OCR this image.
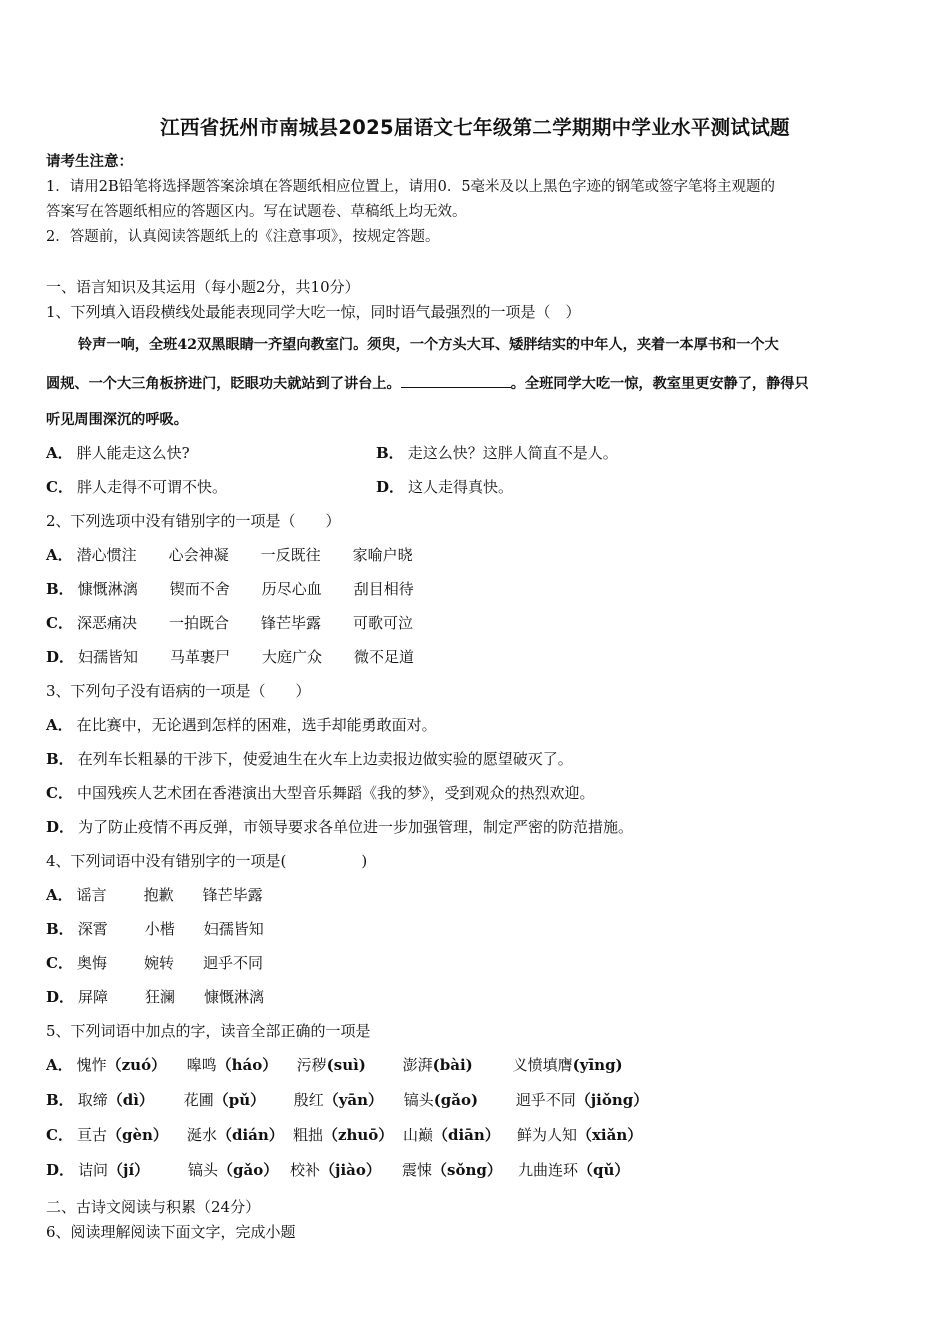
江西省抚州市南城县2025届语文七年级第二学期期中学业水平测试试题
请考生注意：
1．请用2B铅笔将选择题答案涂填在答题纸相应位置上，请用0．5毫米及以上黑色字迹的钢笔或签字笔将主观题的
答案写在答题纸相应的答题区内。写在试题卷、草稿纸上均无效。
2．答题前，认真阅读答题纸上的《注意事项》，按规定答题。
一、语言知识及其运用（每小题2分，共10分）
1、下列填入语段横线处最能表现同学大吃一惊，同时语气最强烈的一项是（　）
铃声一响，全班42双黑眼睛一齐望向教室门。须臾，一个方头大耳、矮胖结实的中年人，夹着一本厚书和一个大
圆规、一个大三角板挤进门，眨眼功夫就站到了讲台上。	。全班同学大吃一惊，教室里更安静了，静得只
听见周围深沉的呼吸。
A． 胖人能走这么快?	B． 走这么快？这胖人简直不是人。
C． 胖人走得不可谓不快。	D． 这人走得真快。
2、下列选项中没有错别字的一项是（　　）
A． 潜心惯注 心会神凝 一反既往 家喻户晓
B． 慷慨淋漓 锲而不舍 历尽心血 刮目相待
C． 深恶痛决 一拍既合 锋芒毕露 可歌可泣
D． 妇孺皆知 马革裹尸 大庭广众 微不足道
3、下列句子没有语病的一项是（　　）
A． 在比赛中，无论遇到怎样的困难，选手却能勇敢面对。
B． 在列车长粗暴的干涉下，使爱迪生在火车上边卖报边做实验的愿望破灭了。
C． 中国残疾人艺术团在香港演出大型音乐舞蹈《我的梦》，受到观众的热烈欢迎。
D． 为了防止疫情不再反弹，市领导要求各单位进一步加强管理，制定严密的防范措施。
4、下列词语中没有错别字的一项是(　　　　　)
A． 谣言 抱歉 锋芒毕露
B． 深霄 小楷 妇孺皆知
C． 奥悔 婉转 迥乎不同
D． 屏障 狂澜 慷慨淋漓
5、下列词语中加点的字，读音全部正确的一项是
A． 愧怍（zuó） 嗥鸣（háo） 污秽(suì) 澎湃(bài)	义愤填膺(yīng)
B． 取缔（dì） 花圃（pǔ） 殷红（yān） 镐头(gǎo)	迥乎不同（jiǒng）
C． 亘古（gèn） 涎水（dián） 粗拙（zhuō） 山巅（diān） 鲜为人知（xiǎn）
D． 诘问（jí）	镐头（gǎo） 校补（jiào） 震悚（sǒng） 九曲连环（qǔ）
二、古诗文阅读与积累（24分）
6、阅读理解阅读下面文字，完成小题
